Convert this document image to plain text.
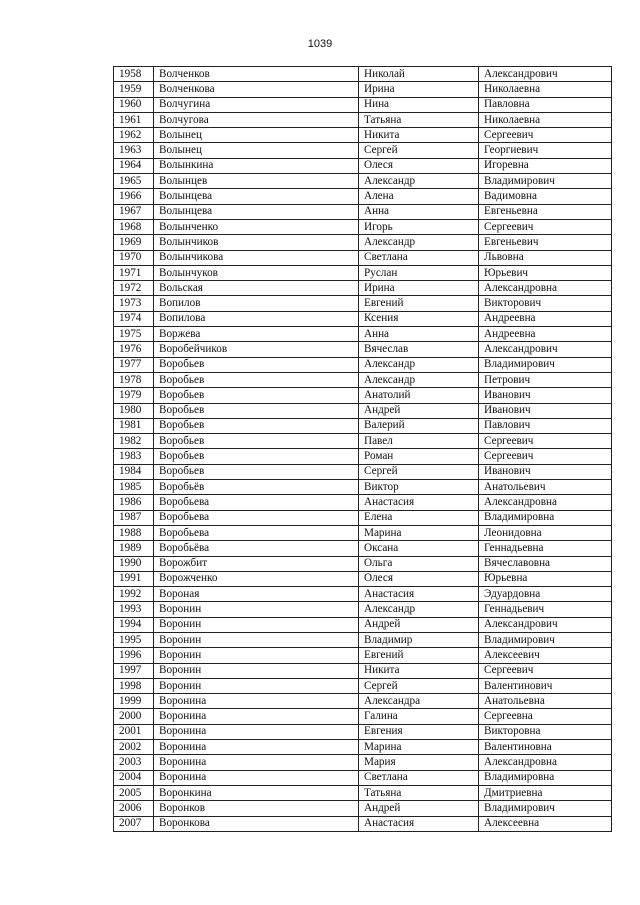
1039
1958	Волченков	Николай	Александрович
1959	Волченкова	Ирина	Николаевна
1960	Волчугина	Нина	Павловна
1961	Волчугова	Татьяна	Николаевна
1962	Волынец	Никита	Сергеевич
1963	Волынец	Сергей	Георгиевич
1964	Волынкина	Олеся	Игоревна
1965	Волынцев	Александр	Владимирович
1966	Волынцева	Алена	Вадимовна
1967	Волынцева	Анна	Евгеньевна
1968	Волынченко	Игорь	Сергеевич
1969	Волынчиков	Александр	Евгеньевич
1970	Волынчикова	Светлана	Львовна
1971	Волынчуков	Руслан	Юрьевич
1972	Вольская	Ирина	Александровна
1973	Вопилов	Евгений	Викторович
1974	Вопилова	Ксения	Андреевна
1975	Воржева	Анна	Андреевна
1976	Воробейчиков	Вячеслав	Александрович
1977	Воробьев	Александр	Владимирович
1978	Воробьев	Александр	Петрович
1979	Воробьев	Анатолий	Иванович
1980	Воробьев	Андрей	Иванович
1981	Воробьев	Валерий	Павлович
1982	Воробьев	Павел	Сергеевич
1983	Воробьев	Роман	Сергеевич
1984	Воробьев	Сергей	Иванович
1985	Воробьёв	Виктор	Анатольевич
1986	Воробьева	Анастасия	Александровна
1987	Воробьева	Елена	Владимировна
1988	Воробьева	Марина	Леонидовна
1989	Воробьёва	Оксана	Геннадьевна
1990	Ворожбит	Ольга	Вячеславовна
1991	Ворожченко	Олеся	Юрьевна
1992	Вороная	Анастасия	Эдуардовна
1993	Воронин	Александр	Геннадьевич
1994	Воронин	Андрей	Александрович
1995	Воронин	Владимир	Владимирович
1996	Воронин	Евгений	Алексеевич
1997	Воронин	Никита	Сергеевич
1998	Воронин	Сергей	Валентинович
1999	Воронина	Александра	Анатольевна
2000	Воронина	Галина	Сергеевна
2001	Воронина	Евгения	Викторовна
2002	Воронина	Марина	Валентиновна
2003	Воронина	Мария	Александровна
2004	Воронина	Светлана	Владимировна
2005	Воронкина	Татьяна	Дмитриевна
2006	Воронков	Андрей	Владимирович
2007	Воронкова	Анастасия	Алексеевна
